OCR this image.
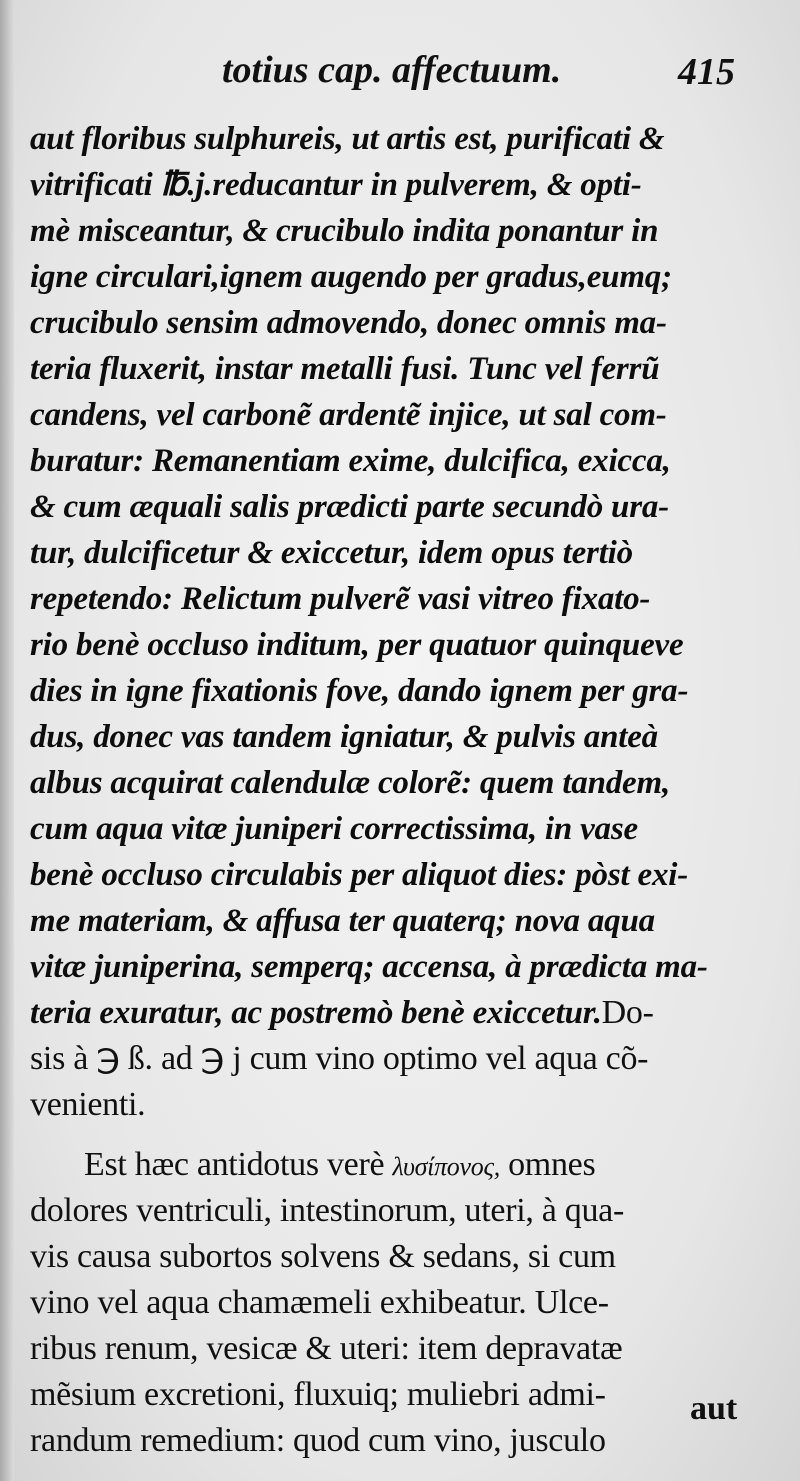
totius cap. affectuum.	415
aut floribus sulphureis, ut artis est, purificati &
vitrificati ℔.j.reducantur in pulverem, & opti-
mè misceantur, & crucibulo indita ponantur in
igne circulari,ignem augendo per gradus,eumq;
crucibulo sensim admovendo, donec omnis ma-
teria fluxerit, instar metalli fusi. Tunc vel ferrũ
candens, vel carbonẽ ardentẽ injice, ut sal com-
buratur: Remanentiam exime, dulcifica, exicca,
& cum æquali salis prædicti parte secundò ura-
tur, dulcificetur & exiccetur, idem opus tertiò
repetendo: Relictum pulverẽ vasi vitreo fixato-
rio benè occluso inditum, per quatuor quinqueve
dies in igne fixationis fove, dando ignem per gra-
dus, donec vas tandem igniatur, & pulvis anteà
albus acquirat calendulæ colorẽ: quem tandem,
cum aqua vitæ juniperi correctissima, in vase
benè occluso circulabis per aliquot dies: pòst exi-
me materiam, & affusa ter quaterq; nova aqua
vitæ juniperina, semperq; accensa, à prædicta ma-
teria exuratur, ac postremò benè exiccetur.Do-
sis à ℈ ß. ad ℈ j cum vino optimo vel aqua cõ-
venienti.
Est hæc antidotus verè λυσίπονος, omnes
dolores ventriculi, intestinorum, uteri, à qua-
vis causa subortos solvens & sedans, si cum
vino vel aqua chamæmeli exhibeatur. Ulce-
ribus renum, vesicæ & uteri: item depravatæ
mẽsium excretioni, fluxuiq; muliebri admi-
randum remedium: quod cum vino, jusculo
aut
